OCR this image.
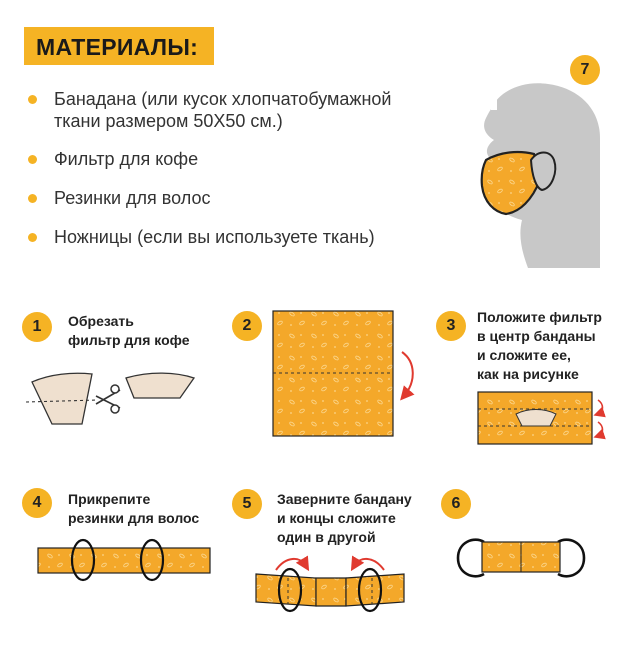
МАТЕРИАЛЫ:
Банадана (или кусок хлопчатобумажной
ткани размером 50Х50 см.)
Фильтр для кофе
Резинки для волос
Ножницы (если вы используете ткань)
7
1	2	3
4	5	6
Обрезать
фильтр для кофе
Положите фильтр
в центр банданы
и сложите ее,
как на рисунке
Прикрепите
резинки для волос
Заверните бандану
и концы сложите
один в другой
